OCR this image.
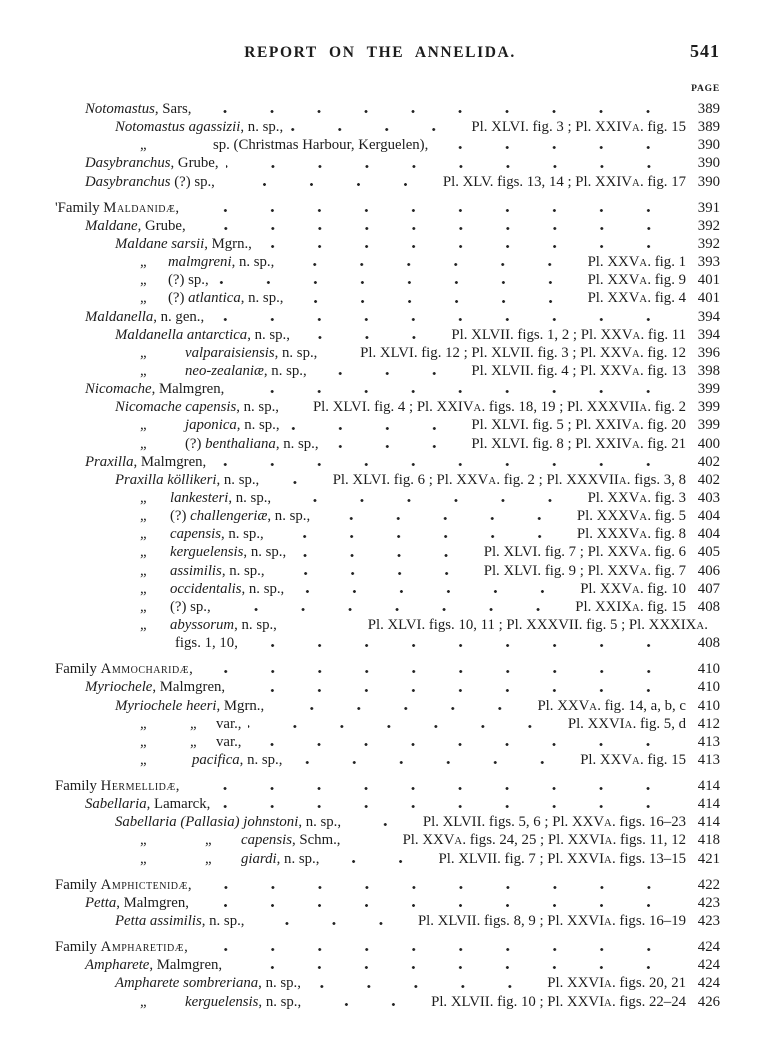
REPORT ON THE ANNELIDA.	541
PAGE
Notomastus, Sars,	389
Notomastus agassizii, n. sp.,	Pl. XLVI. fig. 3 ; Pl. XXIVA. fig. 15 389
„	sp. (Christmas Harbour, Kerguelen),	390
Dasybranchus, Grube,	390
Dasybranchus (?) sp.,	Pl. XLV. figs. 13, 14 ; Pl. XXIVA. fig. 17 390
'Family Maldanidæ,	391
Maldane, Grube,	392
Maldane sarsii, Mgrn.,	392
„ malmgreni, n. sp.,	Pl. XXVA. fig. 1 393
„ (?) sp.,	Pl. XXVA. fig. 9 401
„ (?) atlantica, n. sp.,	Pl. XXVA. fig. 4 401
Maldanella, n. gen.,	394
Maldanella antarctica, n. sp.,	Pl. XLVII. figs. 1, 2 ; Pl. XXVA. fig. 11 394
„	valparaisiensis, n. sp.,	Pl. XLVI. fig. 12 ; Pl. XLVII. fig. 3 ; Pl. XXVA. fig. 12 396
„	neo-zealaniæ, n. sp.,	Pl. XLVII. fig. 4 ; Pl. XXVA. fig. 13 398
Nicomache, Malmgren,	399
Nicomache capensis, n. sp., Pl. XLVI. fig. 4 ; Pl. XXIVA. figs. 18, 19 ; Pl. XXXVIIA. fig. 2 399
„	japonica, n. sp.,	Pl. XLVI. fig. 5 ; Pl. XXIVA. fig. 20 399
„	(?) benthaliana, n. sp.,	Pl. XLVI. fig. 8 ; Pl. XXIVA. fig. 21 400
Praxilla, Malmgren,	402
Praxilla köllikeri, n. sp.,	Pl. XLVI. fig. 6 ; Pl. XXVA. fig. 2 ; Pl. XXXVIIA. figs. 3, 8 402
„ lankesteri, n. sp.,	Pl. XXVA. fig. 3 403
„ (?) challengeriæ, n. sp.,	Pl. XXXVA. fig. 5 404
„ capensis, n. sp.,	Pl. XXXVA. fig. 8 404
„ kerguelensis, n. sp.,	Pl. XLVI. fig. 7 ; Pl. XXVA. fig. 6 405
„ assimilis, n. sp.,	Pl. XLVI. fig. 9 ; Pl. XXVA. fig. 7 406
„ occidentalis, n. sp.,	Pl. XXVA. fig. 10 407
„ (?) sp.,	Pl. XXIXA. fig. 15 408
„ abyssorum, n. sp.,	Pl. XLVI. figs. 10, 11 ; Pl. XXXVII. fig. 5 ; Pl. XXXIXA.
figs. 1, 10,	408
Family Ammocharidæ,	410
Myriochele, Malmgren,	410
Myriochele heeri, Mgrn.,	Pl. XXVA. fig. 14, a, b, c 410
„	„ var.,	Pl. XXVIA. fig. 5, d 412
„	„ var.,	413
„	pacifica, n. sp.,	Pl. XXVA. fig. 15 413
Family Hermellidæ,	414
Sabellaria, Lamarck,	414
Sabellaria (Pallasia) johnstoni, n. sp.,	Pl. XLVII. figs. 5, 6 ; Pl. XXVA. figs. 16–23 414
„	„ capensis, Schm.,	Pl. XXVA. figs. 24, 25 ; Pl. XXVIA. figs. 11, 12 418
„	„ giardi, n. sp.,	Pl. XLVII. fig. 7 ; Pl. XXVIA. figs. 13–15 421
Family Amphictenidæ,	422
Petta, Malmgren,	423
Petta assimilis, n. sp.,	Pl. XLVII. figs. 8, 9 ; Pl. XXVIA. figs. 16–19 423
Family Ampharetidæ,	424
Ampharete, Malmgren,	424
Ampharete sombreriana, n. sp.,	Pl. XXVIA. figs. 20, 21 424
„	kerguelensis, n. sp.,	Pl. XLVII. fig. 10 ; Pl. XXVIA. figs. 22–24 426
